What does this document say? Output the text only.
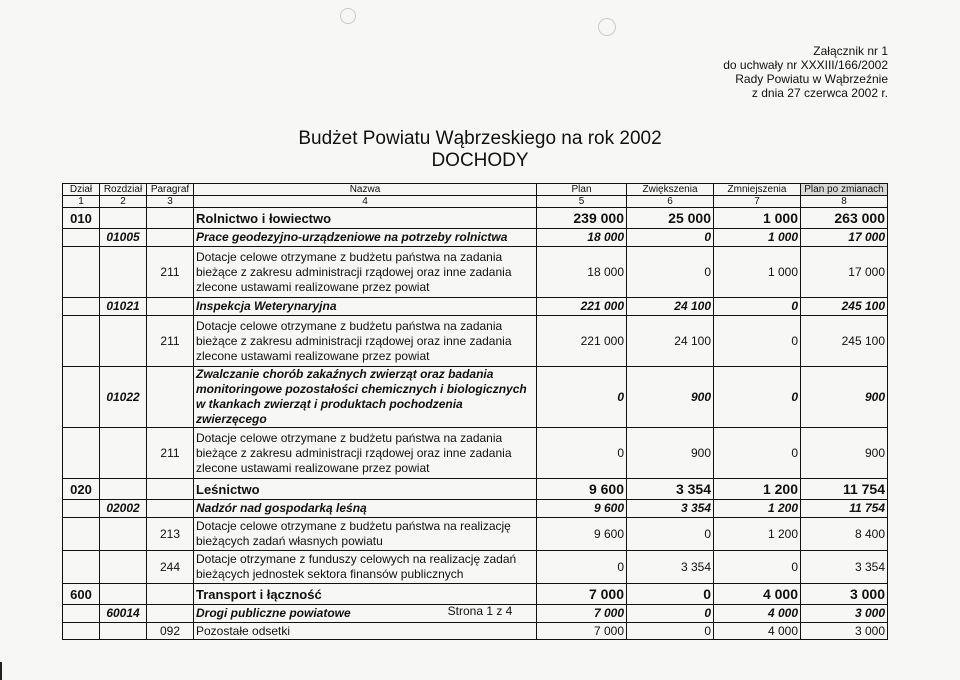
Załącznik nr 1
do uchwały nr XXXIII/166/2002
Rady Powiatu w Wąbrzeźnie
z dnia 27 czerwca 2002 r.
Budżet Powiatu Wąbrzeskiego na rok 2002
DOCHODY
Dział	Rozdział	Paragraf	Nazwa	Plan	Zwiększenia	Zmniejszenia	Plan po zmianach
1	2	3	4	5	6	7	8
010			Rolnictwo i łowiectwo	239 000	25 000	1 000	263 000
	01005		Prace geodezyjno-urządzeniowe na potrzeby rolnictwa	18 000	0	1 000	17 000
		211	Dotacje celowe otrzymane z budżetu państwa na zadania bieżące z zakresu administracji rządowej oraz inne zadania zlecone ustawami realizowane przez powiat	18 000	0	1 000	17 000
	01021		Inspekcja Weterynaryjna	221 000	24 100	0	245 100
		211	Dotacje celowe otrzymane z budżetu państwa na zadania bieżące z zakresu administracji rządowej oraz inne zadania zlecone ustawami realizowane przez powiat	221 000	24 100	0	245 100
	01022		Zwalczanie chorób zakaźnych zwierząt oraz badania monitoringowe pozostałości chemicznych i biologicznych w tkankach zwierząt i produktach pochodzenia zwierzęcego	0	900	0	900
		211	Dotacje celowe otrzymane z budżetu państwa na zadania bieżące z zakresu administracji rządowej oraz inne zadania zlecone ustawami realizowane przez powiat	0	900	0	900
020			Leśnictwo	9 600	3 354	1 200	11 754
	02002		Nadzór nad gospodarką leśną	9 600	3 354	1 200	11 754
		213	Dotacje celowe otrzymane z budżetu państwa na realizację bieżących zadań własnych powiatu	9 600	0	1 200	8 400
		244	Dotacje otrzymane z funduszy celowych na realizację zadań bieżących jednostek sektora finansów publicznych	0	3 354	0	3 354
600			Transport i łączność	7 000	0	4 000	3 000
	60014		Drogi publiczne powiatowe	7 000	0	4 000	3 000
		092	Pozostałe odsetki	7 000	0	4 000	3 000
Strona 1 z 4
